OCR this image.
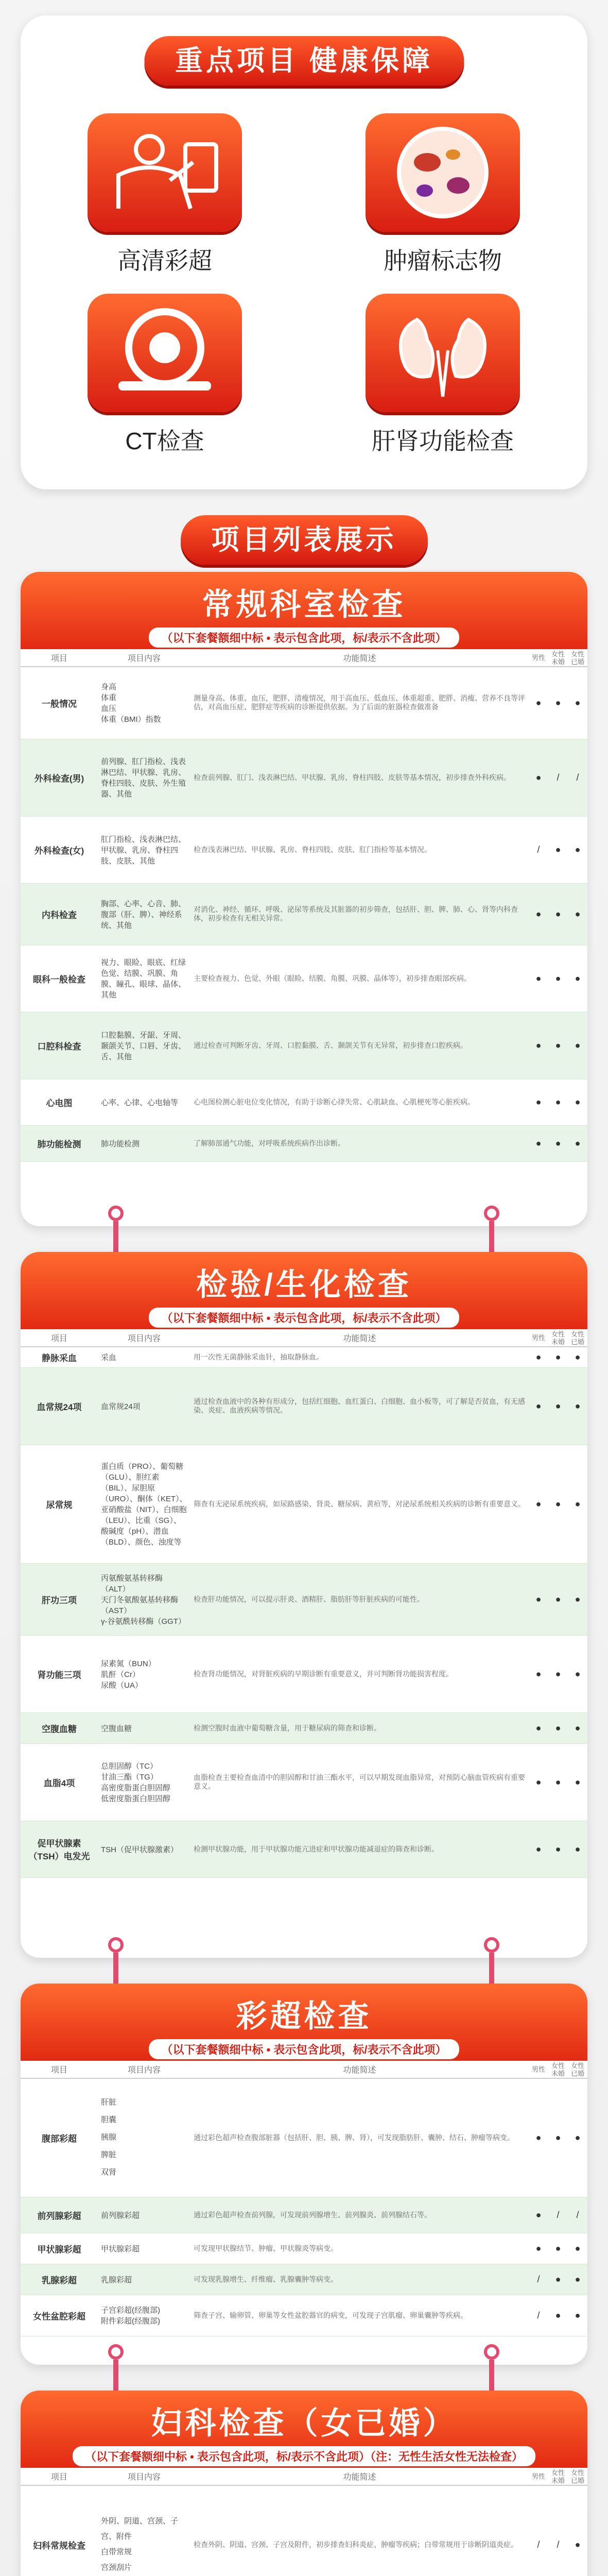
重点项目 健康保障
高清彩超	肿瘤标志物
CT检查	肝肾功能检查
项目列表展示
常规科室检查
（以下套餐额细中标 • 表示包含此项，标/表示不含此项）
项目	项目内容	功能简述	男性	女性未婚	女性已婚
一般情况	身高
体重
血压
体重（BMI）指数	测量身高、体重、血压，肥胖、清瘦情况，用于高血压、低血压、体重超重、肥胖、消瘦、营养不良等评估，对高血压症、肥胖症等疾病的诊断提供依据。为了后面的脏器检查做准备	●	●	●
外科检查(男)	前列腺、肛门指检、浅表淋巴结、甲状腺、乳房、脊柱四肢、皮肤、外生殖器、其他	检查前列腺、肛门、浅表淋巴结、甲状腺、乳房、脊柱四肢、皮肤等基本情况，初步排查外科疾病。	●	/	/
外科检查(女)	肛门指检、浅表淋巴结、甲状腺、乳房、脊柱四肢、皮肤、其他	检查浅表淋巴结、甲状腺、乳房、脊柱四肢、皮肤、肛门指检等基本情况。	/	●	●
内科检查	胸部、心率、心音、肺、腹部（肝、脾）、神经系统、其他	对消化、神经、循环、呼吸、泌尿等系统及其脏器的初步筛查，包括肝、胆、脾、肺、心、肾等内科查体，初步检查有无相关异常。	●	●	●
眼科一般检查	视力、眼睑、眼底、红绿色觉、结膜、巩膜、角膜、瞳孔、眼球、晶体、其他	主要检查视力、色觉、外眼（眼睑、结膜、角膜、巩膜、晶体等），初步排查眼部疾病。	●	●	●
口腔科检查	口腔黏膜、牙龈、牙周、颞颌关节、口唇、牙齿、舌、其他	通过检查可判断牙齿、牙周、口腔黏膜、舌、颞颌关节有无异常，初步排查口腔疾病。	●	●	●
心电图	心率、心律、心电轴等	心电图检测心脏电位变化情况，有助于诊断心律失常、心肌缺血、心肌梗死等心脏疾病。	●	●	●
肺功能检测	肺功能检测	了解肺部通气功能，对呼吸系统疾病作出诊断。	●	●	●
检验/生化检查
（以下套餐额细中标 • 表示包含此项，标/表示不含此项）
项目	项目内容	功能简述	男性	女性未婚	女性已婚
静脉采血	采血	用一次性无菌静脉采血针，抽取静脉血。	●	●	●
血常规24项	血常规24项	通过检查血液中的各种有形成分，包括红细胞、血红蛋白、白细胞、血小板等，可了解是否贫血，有无感染、炎症、血液疾病等情况。	●	●	●
尿常规	蛋白质（PRO）、葡萄糖（GLU）、胆红素（BIL）、尿胆原（URO）、酮体（KET）、亚硝酸盐（NIT）、白细胞（LEU）、比重（SG）、酸碱度（pH）、潜血（BLD）、颜色、浊度等	筛查有无泌尿系统疾病，如尿路感染、肾炎、糖尿病、黄疸等，对泌尿系统相关疾病的诊断有重要意义。	●	●	●
肝功三项	丙氨酸氨基转移酶（ALT）
天门冬氨酸氨基转移酶（AST）
γ-谷氨酰转移酶（GGT）	检查肝功能情况，可以提示肝炎、酒精肝、脂肪肝等肝脏疾病的可能性。	●	●	●
肾功能三项	尿素氮（BUN）
肌酐（Cr）
尿酸（UA）	检查肾功能情况，对肾脏疾病的早期诊断有重要意义，并可判断肾功能损害程度。	●	●	●
空腹血糖	空腹血糖	检测空腹时血液中葡萄糖含量，用于糖尿病的筛查和诊断。	●	●	●
血脂4项	总胆固醇（TC）
甘油三酯（TG）
高密度脂蛋白胆固醇
低密度脂蛋白胆固醇	血脂检查主要检查血清中的胆固醇和甘油三酯水平，可以早期发现血脂异常，对预防心脑血管疾病有重要意义。	●	●	●
促甲状腺素（TSH）电发光	TSH（促甲状腺激素）	检测甲状腺功能，用于甲状腺功能亢进症和甲状腺功能减退症的筛查和诊断。	●	●	●
彩超检查
（以下套餐额细中标 • 表示包含此项，标/表示不含此项）
项目	项目内容	功能简述	男性	女性未婚	女性已婚
腹部彩超	肝脏
胆囊
胰腺
脾脏
双肾	通过彩色超声检查腹部脏器（包括肝、胆、胰、脾、肾），可发现脂肪肝、囊肿、结石、肿瘤等病变。	●	●	●
前列腺彩超	前列腺彩超	通过彩色超声检查前列腺，可发现前列腺增生、前列腺炎、前列腺结石等。	●	/	/
甲状腺彩超	甲状腺彩超	可发现甲状腺结节、肿瘤、甲状腺炎等病变。	●	●	●
乳腺彩超	乳腺彩超	可发现乳腺增生、纤维瘤、乳腺囊肿等病变。	/	●	●
女性盆腔彩超	子宫彩超(经腹部)
附件彩超(经腹部)	筛查子宫、输卵管、卵巢等女性盆腔器官的病变，可发现子宫肌瘤、卵巢囊肿等疾病。	/	●	●
妇科检查（女已婚）
（以下套餐额细中标 • 表示包含此项，标/表示不含此项）（注：无性生活女性无法检查）
项目	项目内容	功能简述	男性	女性未婚	女性已婚
妇科常规检查	外阴、阴道、宫颈、子宫、附件
白带常规
宫颈刮片	检查外阴、阴道、宫颈、子宫及附件，初步排查妇科炎症、肿瘤等疾病；白带常规用于诊断阴道炎症。	/	/	●
